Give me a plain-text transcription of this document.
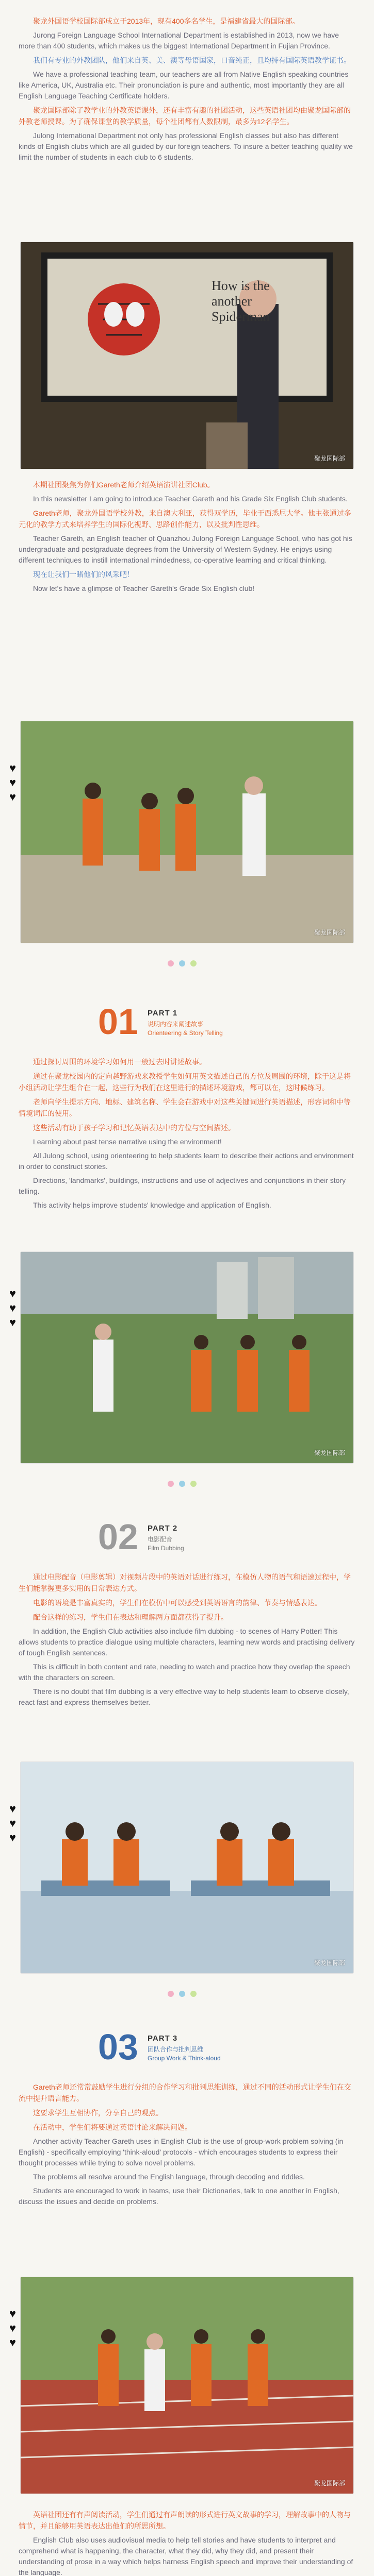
聚龙外国语学校国际部成立于2013年，现有400多名学生，是福建省最大的国际部。

Jurong Foreign Language School International Department is established in 2013, now we have more than 400 students, which makes us the biggest International Department in Fujian Province.

我们有专业的外教团队，他们来自英、美、澳等母语国家，口音纯正，且均持有国际英语教学证书。

We have a professional teaching team, our teachers are all from Native English speaking countries like America, UK, Australia etc. Their pronunciation is pure and authentic, most importantly they are all English Language Teaching Certificate holders.

聚龙国际部除了教学业的外教英语课外，还有丰富有趣的社团活动，这些英语社团均由聚龙国际部的外教老师授课。为了确保课堂的教学质量，每个社团都有人数限制，最多为12名学生。

Julong International Department not only has professional English classes but also has different kinds of English clubs which are all guided by our foreign teachers. To insure a better teaching quality we limit the number of students in each club to 6 students.

How is the another Spiderman
聚龙国际部

本期社团聚焦为你们Gareth老师介绍英语演讲社团Club。

In this newsletter I am going to introduce Teacher Gareth and his Grade Six English Club students.

Gareth老师，聚龙外国语学校外教，来自澳大利亚，获得双学历，毕业于西悉尼大学。他主张通过多元化的教学方式来培养学生的国际化视野、思路创作能力，以及批判性思维。

Teacher Gareth, an English teacher of Quanzhou Julong Foreign Language School, who has got his undergraduate and postgraduate degrees from the University of Western Sydney. He enjoys using different techniques to instill international mindedness, co-operative learning and critical thinking.

现在让我们一睹他们的风采吧！

Now let's have a glimpse of Teacher Gareth's Grade Six English club!

♥
♥
♥
聚龙国际部
01 PART 1
说明内容来阐述故事
Orienteering & Story Telling

通过探讨周围的环境学习如何用一般过去时讲述故事。

通过在聚龙校园内的定向越野游戏来教授学生如何用英文描述自己的方位及周围的环境，除于这是将小组活动让学生组合在一起，这些行为我们在这里进行的描述环境游戏，都可以在，这时候练习。

老师向学生提示方向、地标、建筑名称、学生会在游戏中对这些关键词进行英语描述，形容词和中等情境词汇的使用。

这些活动有助于孩子学习和记忆英语表达中的方位与空间描述。

Learning about past tense narrative using the environment!

All Julong school, using orienteering to help students learn to describe their actions and environment in order to construct stories.

Directions, 'landmarks', buildings, instructions and use of adjectives and conjunctions in their story telling.

This activity helps improve students' knowledge and application of English.

♥
♥
♥
聚龙国际部
02 PART 2
电影配音
Film Dubbing

通过电影配音（电影剪辑）对视频片段中的英语对话进行练习，在模仿人物的语气和语速过程中，学生们能掌握更多实用的日常表达方式。

电影的语境是丰富真实的，学生们在模仿中可以感受到英语语言的韵律、节奏与情感表达。

配合这样的练习，学生们在表达和理解两方面都获得了提升。

In addition, the English Club activities also include film dubbing - to scenes of Harry Potter! This allows students to practice dialogue using multiple characters, learning new words and practising delivery of tough English sentences.

This is difficult in both content and rate, needing to watch and practice how they overlap the speech with the characters on screen.

There is no doubt that film dubbing is a very effective way to help students learn to observe closely, react fast and express themselves better.

♥
♥
♥
聚龙国际部
03 PART 3
团队合作与批判思维
Group Work & Think-aloud

Gareth老师还常常鼓励学生进行分组的合作学习和批判思维训练，通过不同的活动形式让学生们在交流中提升语言能力。

这要求学生互相协作，分享自己的观点。

在活动中，学生们将要通过英语讨论来解决问题。

Another activity Teacher Gareth uses in English Club is the use of group-work problem solving (in English) - specifically employing 'think-aloud' protocols - which encourages students to express their thought processes while trying to solve novel problems.

The problems all resolve around the English language, through decoding and riddles.

Students are encouraged to work in teams, use their Dictionaries, talk to one another in English, discuss the issues and decide on problems.

♥
♥
♥
聚龙国际部

英语社团还有有声阅读活动，学生们通过有声朗读的形式进行英文故事的学习，理解故事中的人物与情节，并且能够用英语表达出他们的所思所想。

English Club also uses audiovisual media to help tell stories and have students to interpret and comprehend what is happening, the character, what they did, why they did, and present their understanding of prose in a way which helps harness English speech and improve their understanding of the language.
